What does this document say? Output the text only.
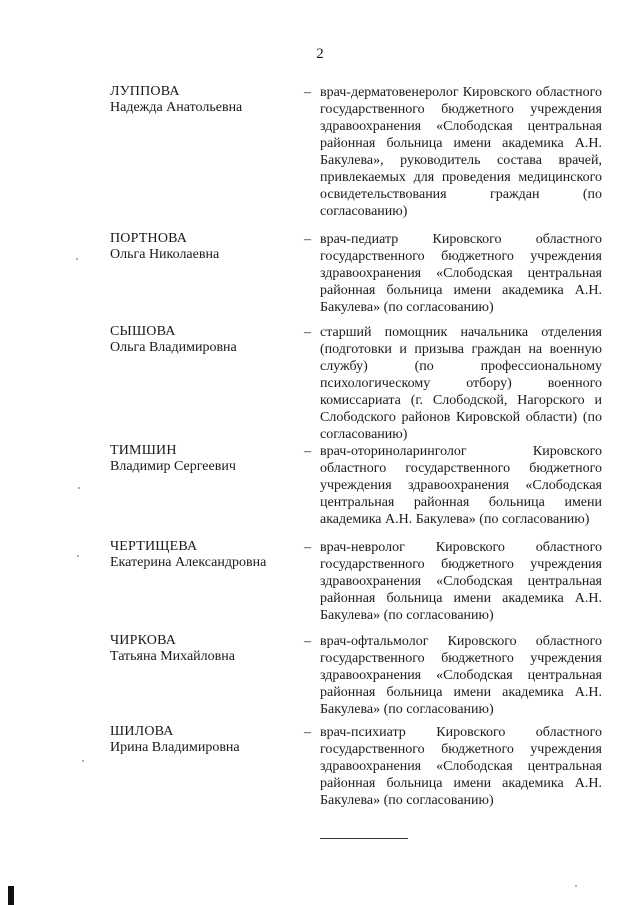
2
ЛУППОВА
Надежда Анатольевна
– врач-дерматовенеролог Кировского областного государственного бюджетного учреждения здравоохранения «Слободская центральная районная больница имени академика А.Н. Бакулева», руководитель состава врачей, привлекаемых для проведения медицинского освидетельствования граждан (по согласованию)
ПОРТНОВА
Ольга Николаевна
– врач-педиатр Кировского областного государственного бюджетного учреждения здравоохранения «Слободская центральная районная больница имени академика А.Н. Бакулева» (по согласованию)
СЫШОВА
Ольга Владимировна
– старший помощник начальника отделения (подготовки и призыва граждан на военную службу) (по профессиональному психологическому отбору) военного комиссариата (г. Слободской, Нагорского и Слободского районов Кировской области) (по согласованию)
ТИМШИН
Владимир Сергеевич
– врач-оториноларинголог Кировского областного государственного бюджетного учреждения здравоохранения «Слободская центральная районная больница имени академика А.Н. Бакулева» (по согласованию)
ЧЕРТИЩЕВА
Екатерина Александровна
– врач-невролог Кировского областного государственного бюджетного учреждения здравоохранения «Слободская центральная районная больница имени академика А.Н. Бакулева» (по согласованию)
ЧИРКОВА
Татьяна Михайловна
– врач-офтальмолог Кировского областного государственного бюджетного учреждения здравоохранения «Слободская центральная районная больница имени академика А.Н. Бакулева» (по согласованию)
ШИЛОВА
Ирина Владимировна
– врач-психиатр Кировского областного государственного бюджетного учреждения здравоохранения «Слободская центральная районная больница имени академика А.Н. Бакулева» (по согласованию)
